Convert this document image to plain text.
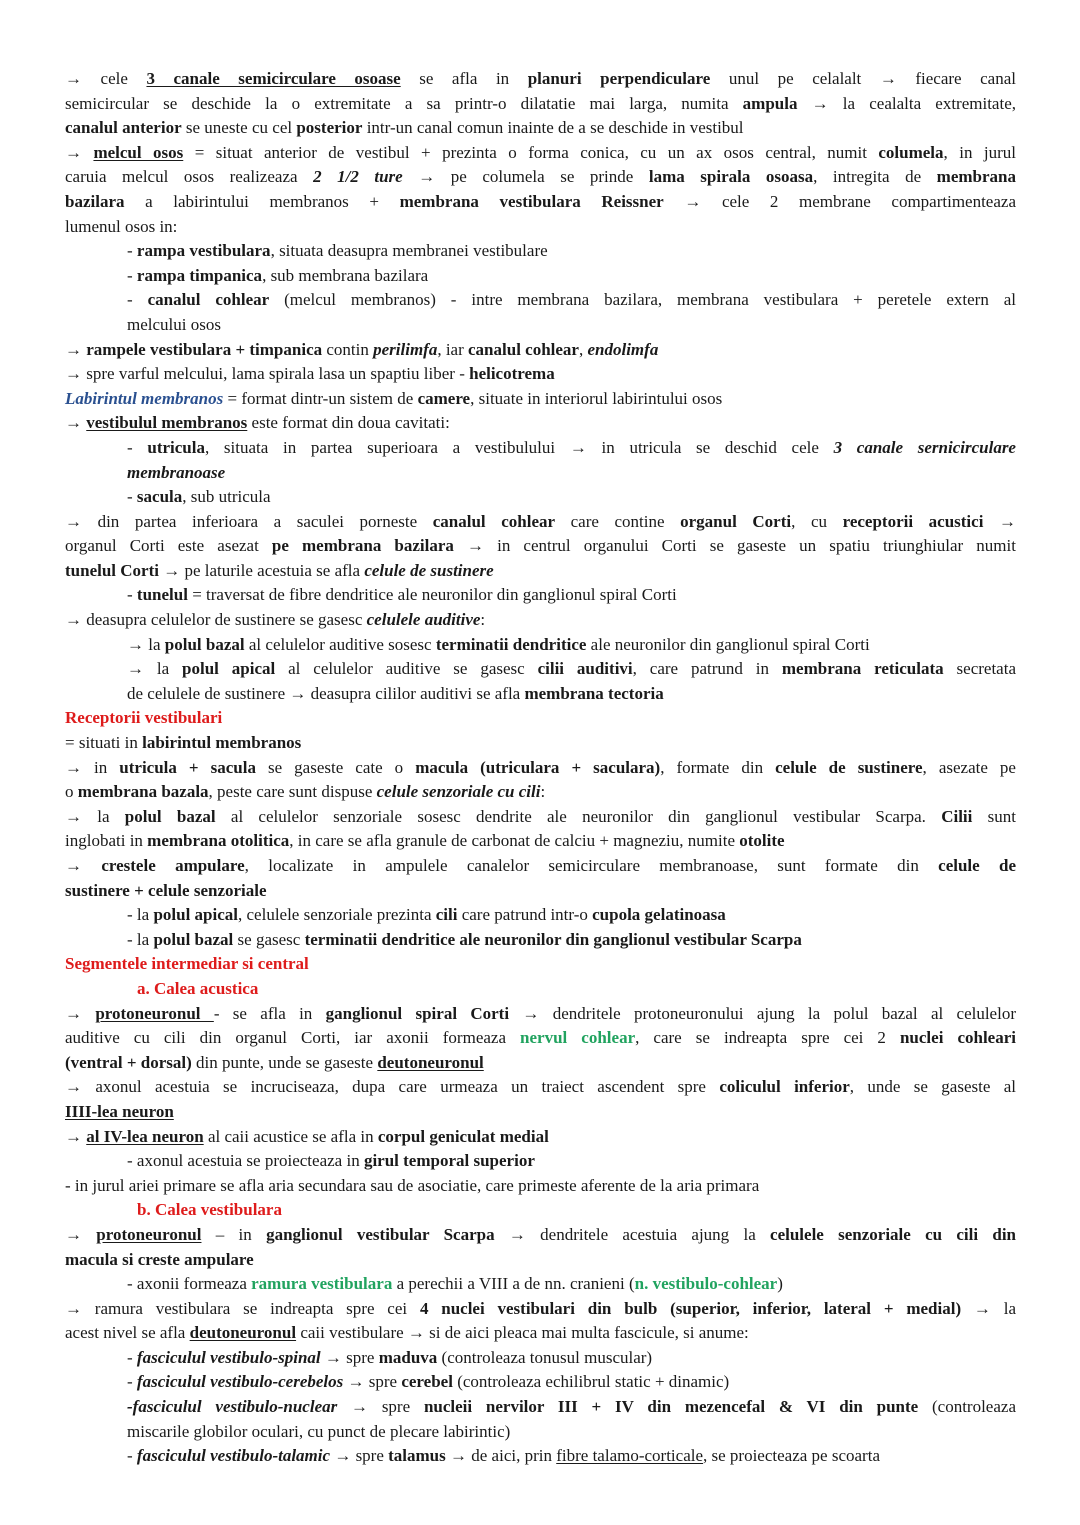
→ cele 3 canale semicirculare osoase se afla in planuri perpendiculare unul pe celalalt → fiecare canal
semicircular se deschide la o extremitate a sa printr-o dilatatie mai larga, numita ampula → la cealalta extremitate,
canalul anterior se uneste cu cel posterior intr-un canal comun inainte de a se deschide in vestibul
→ melcul osos = situat anterior de vestibul + prezinta o forma conica, cu un ax osos central, numit columela, in jurul
caruia melcul osos realizeaza 2 1/2 ture → pe columela se prinde lama spirala osoasa, intregita de membrana
bazilara a labirintului membranos + membrana vestibulara Reissner → cele 2 membrane compartimenteaza
lumenul osos in:
- rampa vestibulara, situata deasupra membranei vestibulare
- rampa timpanica, sub membrana bazilara
- canalul cohlear (melcul membranos) - intre membrana bazilara, membrana vestibulara + peretele extern al
melcului osos
→ rampele vestibulara + timpanica contin perilimfa, iar canalul cohlear, endolimfa
→ spre varful melcului, lama spirala lasa un spaptiu liber - helicotrema
Labirintul membranos = format dintr-un sistem de camere, situate in interiorul labirintului osos
→ vestibulul membranos este format din doua cavitati:
- utricula, situata in partea superioara a vestibulului → in utricula se deschid cele 3 canale sernicirculare
membranoase
- sacula, sub utricula
→ din partea inferioara a saculei porneste canalul cohlear care contine organul Corti, cu receptorii acustici →
organul Corti este asezat pe membrana bazilara → in centrul organului Corti se gaseste un spatiu triunghiular numit
tunelul Corti → pe laturile acestuia se afla celule de sustinere
- tunelul = traversat de fibre dendritice ale neuronilor din ganglionul spiral Corti
→ deasupra celulelor de sustinere se gasesc celulele auditive:
→ la polul bazal al celulelor auditive sosesc terminatii dendritice ale neuronilor din ganglionul spiral Corti
→ la polul apical al celulelor auditive se gasesc cilii auditivi, care patrund in membrana reticulata secretata
de celulele de sustinere → deasupra cililor auditivi se afla membrana tectoria
Receptorii vestibulari
= situati in labirintul membranos
→ in utricula + sacula se gaseste cate o macula (utriculara + saculara), formate din celule de sustinere, asezate pe
o membrana bazala, peste care sunt dispuse celule senzoriale cu cili:
→ la polul bazal al celulelor senzoriale sosesc dendrite ale neuronilor din ganglionul vestibular Scarpa. Cilii sunt
inglobati in membrana otolitica, in care se afla granule de carbonat de calciu + magneziu, numite otolite
→ crestele ampulare, localizate in ampulele canalelor semicirculare membranoase, sunt formate din celule de
sustinere + celule senzoriale
- la polul apical, celulele senzoriale prezinta cili care patrund intr-o cupola gelatinoasa
- la polul bazal se gasesc terminatii dendritice ale neuronilor din ganglionul vestibular Scarpa
Segmentele intermediar si central
a. Calea acustica
→ protoneuronul - se afla in ganglionul spiral Corti → dendritele protoneuronului ajung la polul bazal al celulelor
auditive cu cili din organul Corti, iar axonii formeaza nervul cohlear, care se indreapta spre cei 2 nuclei cohleari
(ventral + dorsal) din punte, unde se gaseste deutoneuronul
→ axonul acestuia se incruciseaza, dupa care urmeaza un traiect ascendent spre coliculul inferior, unde se gaseste al
IIII-lea neuron
→ al IV-lea neuron al caii acustice se afla in corpul geniculat medial
- axonul acestuia se proiecteaza in girul temporal superior
- in jurul ariei primare se afla aria secundara sau de asociatie, care primeste aferente de la aria primara
b. Calea vestibulara
→ protoneuronul – in ganglionul vestibular Scarpa → dendritele acestuia ajung la celulele senzoriale cu cili din
macula si creste ampulare
- axonii formeaza ramura vestibulara a perechii a VIII a de nn. cranieni (n. vestibulo-cohlear)
→ ramura vestibulara se indreapta spre cei 4 nuclei vestibulari din bulb (superior, inferior, lateral + medial) → la
acest nivel se afla deutoneuronul caii vestibulare → si de aici pleaca mai multa fascicule, si anume:
- fasciculul vestibulo-spinal → spre maduva (controleaza tonusul muscular)
- fasciculul vestibulo-cerebelos → spre cerebel (controleaza echilibrul static + dinamic)
-fasciculul vestibulo-nuclear → spre nucleii nervilor III + IV din mezencefal & VI din punte (controleaza
miscarile globilor oculari, cu punct de plecare labirintic)
- fasciculul vestibulo-talamic → spre talamus → de aici, prin fibre talamo-corticale, se proiecteaza pe scoarta
